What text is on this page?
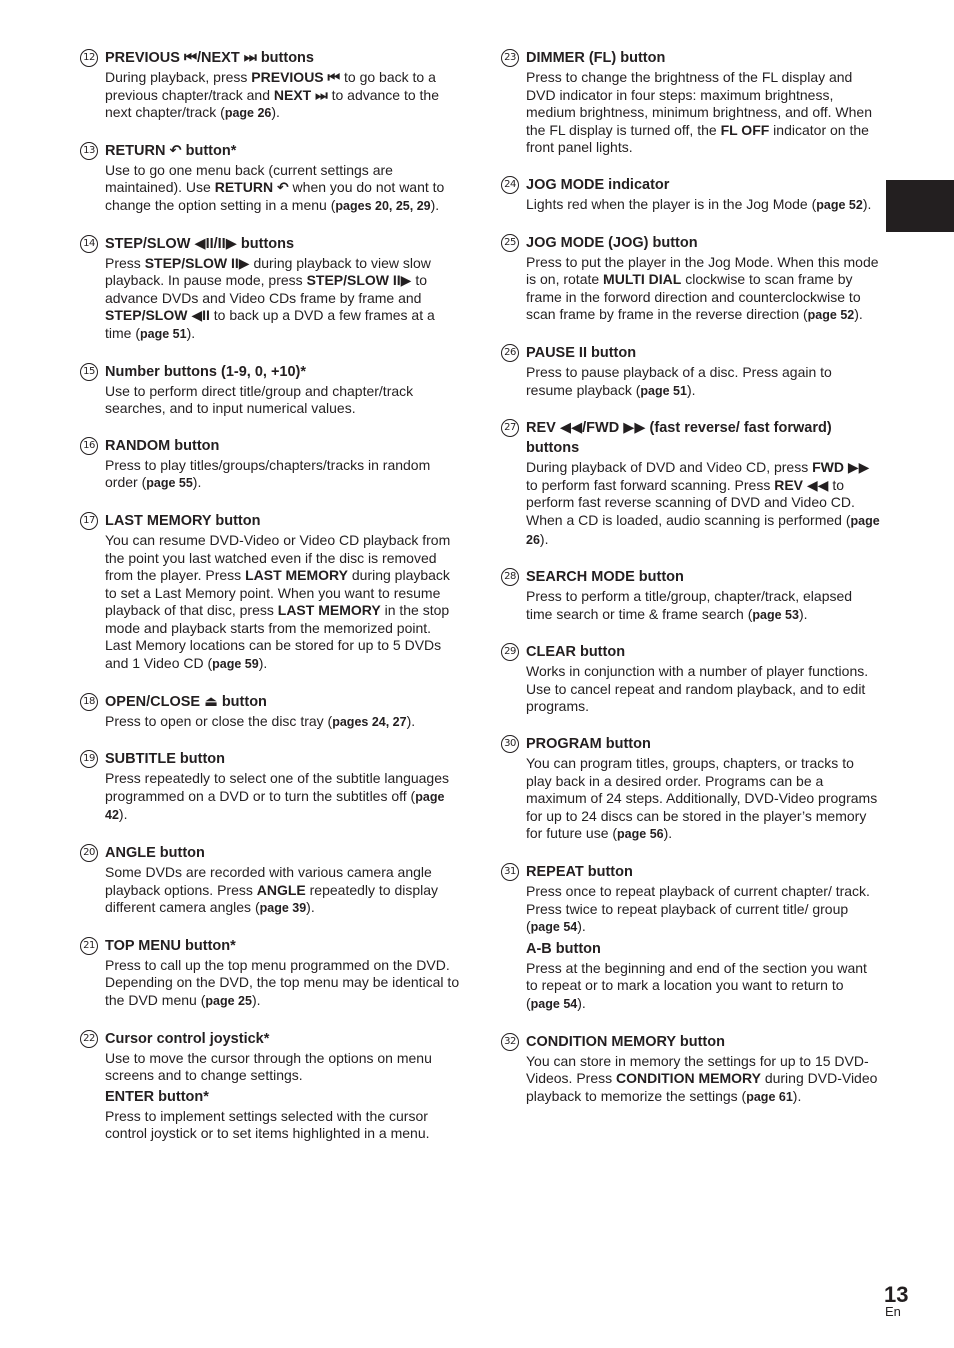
12 PREVIOUS ⏮/NEXT ⏭ buttons
During playback, press PREVIOUS ⏮ to go back to a previous chapter/track and NEXT ⏭ to advance to the next chapter/track (page 26).
13 RETURN ↶ button*
Use to go one menu back (current settings are maintained). Use RETURN ↶ when you do not want to change the option setting in a menu (pages 20, 25, 29).
14 STEP/SLOW ◀II/II▶ buttons
Press STEP/SLOW II▶ during playback to view slow playback. In pause mode, press STEP/SLOW II▶ to advance DVDs and Video CDs frame by frame and STEP/SLOW ◀II to back up a DVD a few frames at a time (page 51).
15 Number buttons (1-9, 0, +10)*
Use to perform direct title/group and chapter/track searches, and to input numerical values.
16 RANDOM button
Press to play titles/groups/chapters/tracks in random order (page 55).
17 LAST MEMORY button
You can resume DVD-Video or Video CD playback from the point you last watched even if the disc is removed from the player. Press LAST MEMORY during playback to set a Last Memory point. When you want to resume playback of that disc, press LAST MEMORY in the stop mode and playback starts from the memorized point. Last Memory locations can be stored for up to 5 DVDs and 1 Video CD (page 59).
18 OPEN/CLOSE ⏏ button
Press to open or close the disc tray (pages 24, 27).
19 SUBTITLE button
Press repeatedly to select one of the subtitle languages programmed on a DVD or to turn the subtitles off (page 42).
20 ANGLE button
Some DVDs are recorded with various camera angle playback options. Press ANGLE repeatedly to display different camera angles (page 39).
21 TOP MENU button*
Press to call up the top menu programmed on the DVD. Depending on the DVD, the top menu may be identical to the DVD menu (page 25).
22 Cursor control joystick*
Use to move the cursor through the options on menu screens and to change settings.
ENTER button*
Press to implement settings selected with the cursor control joystick or to set items highlighted in a menu.
23 DIMMER (FL) button
Press to change the brightness of the FL display and DVD indicator in four steps: maximum brightness, medium brightness, minimum brightness, and off. When the FL display is turned off, the FL OFF indicator on the front panel lights.
24 JOG MODE indicator
Lights red when the player is in the Jog Mode (page 52).
25 JOG MODE (JOG) button
Press to put the player in the Jog Mode. When this mode is on, rotate MULTI DIAL clockwise to scan frame by frame in the forword direction and counterclockwise to scan frame by frame in the reverse direction (page 52).
26 PAUSE II button
Press to pause playback of a disc. Press again to resume playback (page 51).
27 REV ◀◀/FWD ▶▶ (fast reverse/ fast forward) buttons
During playback of DVD and Video CD, press FWD ▶▶ to perform fast forward scanning. Press REV ◀◀ to perform fast reverse scanning of DVD and Video CD. When a CD is loaded, audio scanning is performed (page 26).
28 SEARCH MODE button
Press to perform a title/group, chapter/track, elapsed time search or time & frame search (page 53).
29 CLEAR button
Works in conjunction with a number of player functions. Use to cancel repeat and random playback, and to edit programs.
30 PROGRAM button
You can program titles, groups, chapters, or tracks to play back in a desired order. Programs can be a maximum of 24 steps. Additionally, DVD-Video programs for up to 24 discs can be stored in the player’s memory for future use (page 56).
31 REPEAT button
Press once to repeat playback of current chapter/ track. Press twice to repeat playback of current title/ group (page 54).
A-B button
Press at the beginning and end of the section you want to repeat or to mark a location you want to return to (page 54).
32 CONDITION MEMORY button
You can store in memory the settings for up to 15 DVD-Videos. Press CONDITION MEMORY during DVD-Video playback to memorize the settings (page 61).
13
En
